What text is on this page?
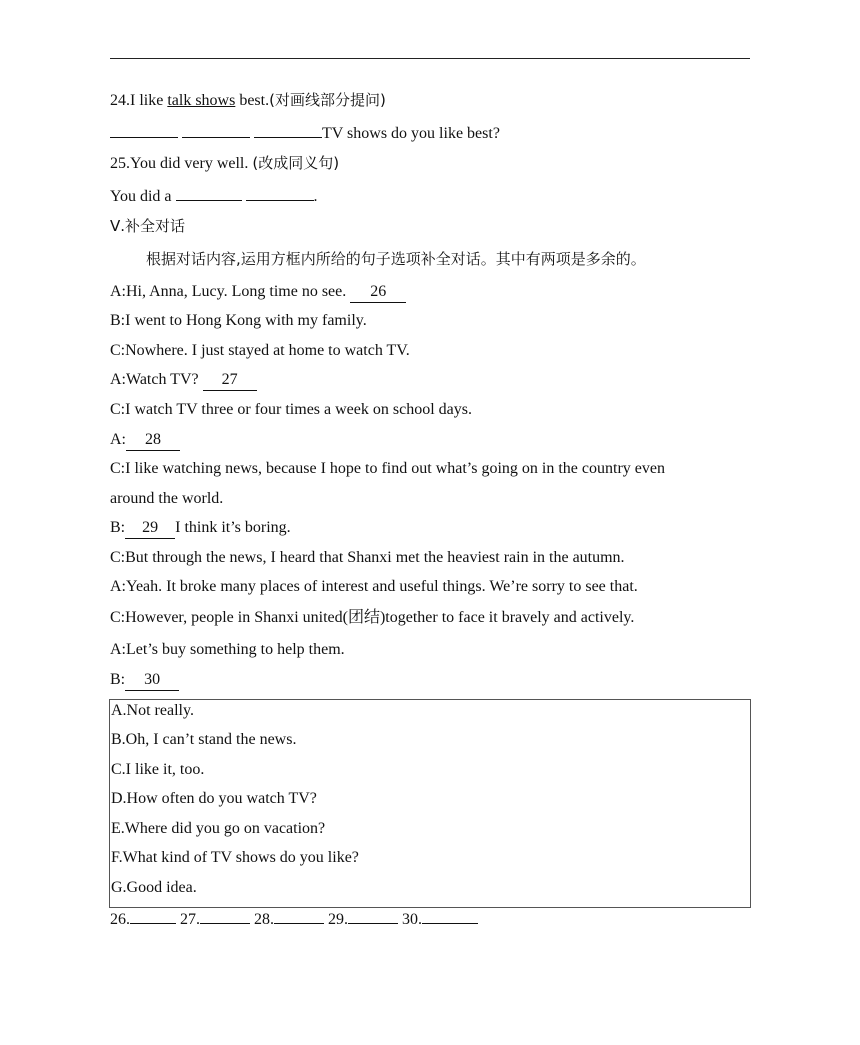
24.I like talk shows best.(对画线部分提问)
TV shows do you like best?
25.You did very well. (改成同义句)
You did a	.
Ⅴ.补全对话
根据对话内容,运用方框内所给的句子选项补全对话。其中有两项是多余的。
A:Hi, Anna, Lucy. Long time no see. 26
B:I went to Hong Kong with my family.
C:Nowhere. I just stayed at home to watch TV.
A:Watch TV? 27
C:I watch TV three or four times a week on school days.
A: 28
C:I like watching news, because I hope to find out what’s going on in the country even
around the world.
B: 29 I think it’s boring.
C:But through the news, I heard that Shanxi met the heaviest rain in the autumn.
A:Yeah. It broke many places of interest and useful things. We’re sorry to see that.
C:However, people in Shanxi united(团结)together to face it bravely and actively.
A:Let’s buy something to help them.
B: 30
A.Not really.
B.Oh, I can’t stand the news.
C.I like it, too.
D.How often do you watch TV?
E.Where did you go on vacation?
F.What kind of TV shows do you like?
G.Good idea.
26.	27.	28.	29.	30.
